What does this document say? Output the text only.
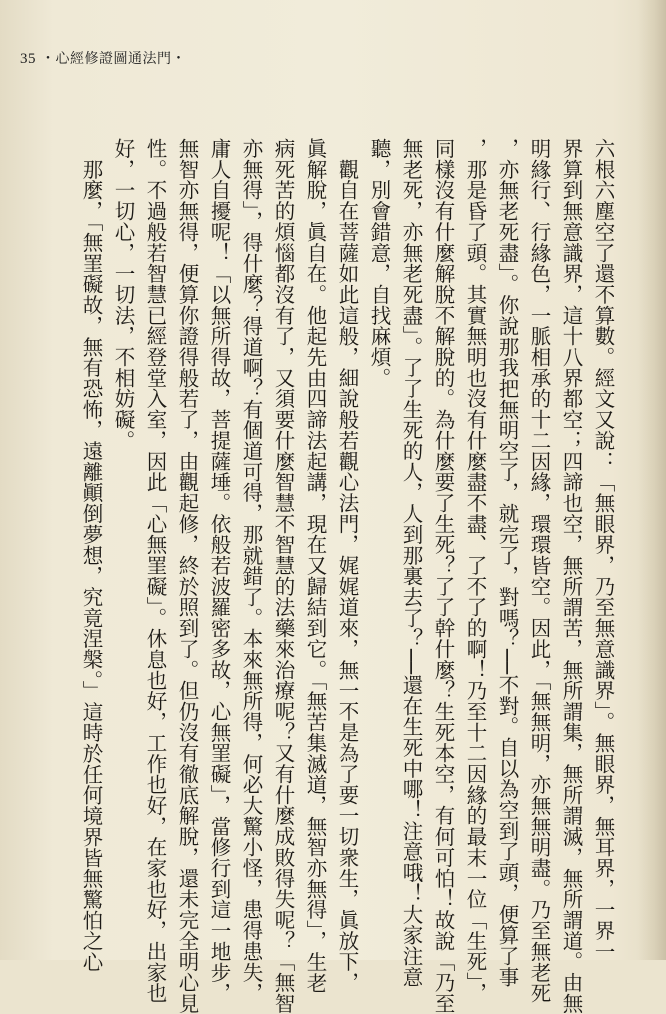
35 ・心經修證圖通法門・
六根六塵空了還不算數。經文又說：「無眼界，乃至無意識界」。無眼界，無耳界，一界一
界算到無意識界，這十八界都空；四諦也空，無所謂苦，無所謂集，無所謂滅，無所謂道。由無
明緣行、行緣色，一脈相承的十二因緣，環環皆空。因此，「無無明，亦無無明盡。乃至無老死
，亦無老死盡」。你說那我把無明空了，就完了，對嗎？──不對。自以為空到了頭，便算了事
，那是昏了頭。其實無明也沒有什麼盡不盡、了不了的啊！乃至十二因緣的最末一位「生死」，
同樣沒有什麼解脫不解脫的。為什麼要了生死？了了幹什麼？生死本空，有何可怕！故說「乃至
無老死，亦無老死盡」。了了生死的人，人到那裏去了？──還在生死中哪！注意哦！大家注意
聽，別會錯意，自找麻煩。
　觀自在菩薩如此這般，細說般若觀心法門，娓娓道來，無一不是為了要一切衆生，眞放下，
眞解脫，眞自在。他起先由四諦法起講，現在又歸結到它。「無苦集滅道，無智亦無得」，生老
病死苦的煩惱都沒有了，又須要什麼智慧不智慧的法藥來治療呢？又有什麼成敗得失呢？「無智
亦無得」，得什麼？得道啊？有個道可得，那就錯了。本來無所得，何必大驚小怪，患得患失，
庸人自擾呢！「以無所得故，菩提薩埵。依般若波羅密多故，心無罣礙」，當修行到這一地步，
無智亦無得，便算你證得般若了，由觀起修，終於照到了。但仍沒有徹底解脫，還未完全明心見
性。不過般若智慧已經登堂入室，因此「心無罣礙」。休息也好，工作也好，在家也好，出家也
好，一切心，一切法，不相妨礙。
　那麼，「無罣礙故，無有恐怖，遠離顚倒夢想，究竟涅槃。」這時於任何境界皆無驚怕之心
